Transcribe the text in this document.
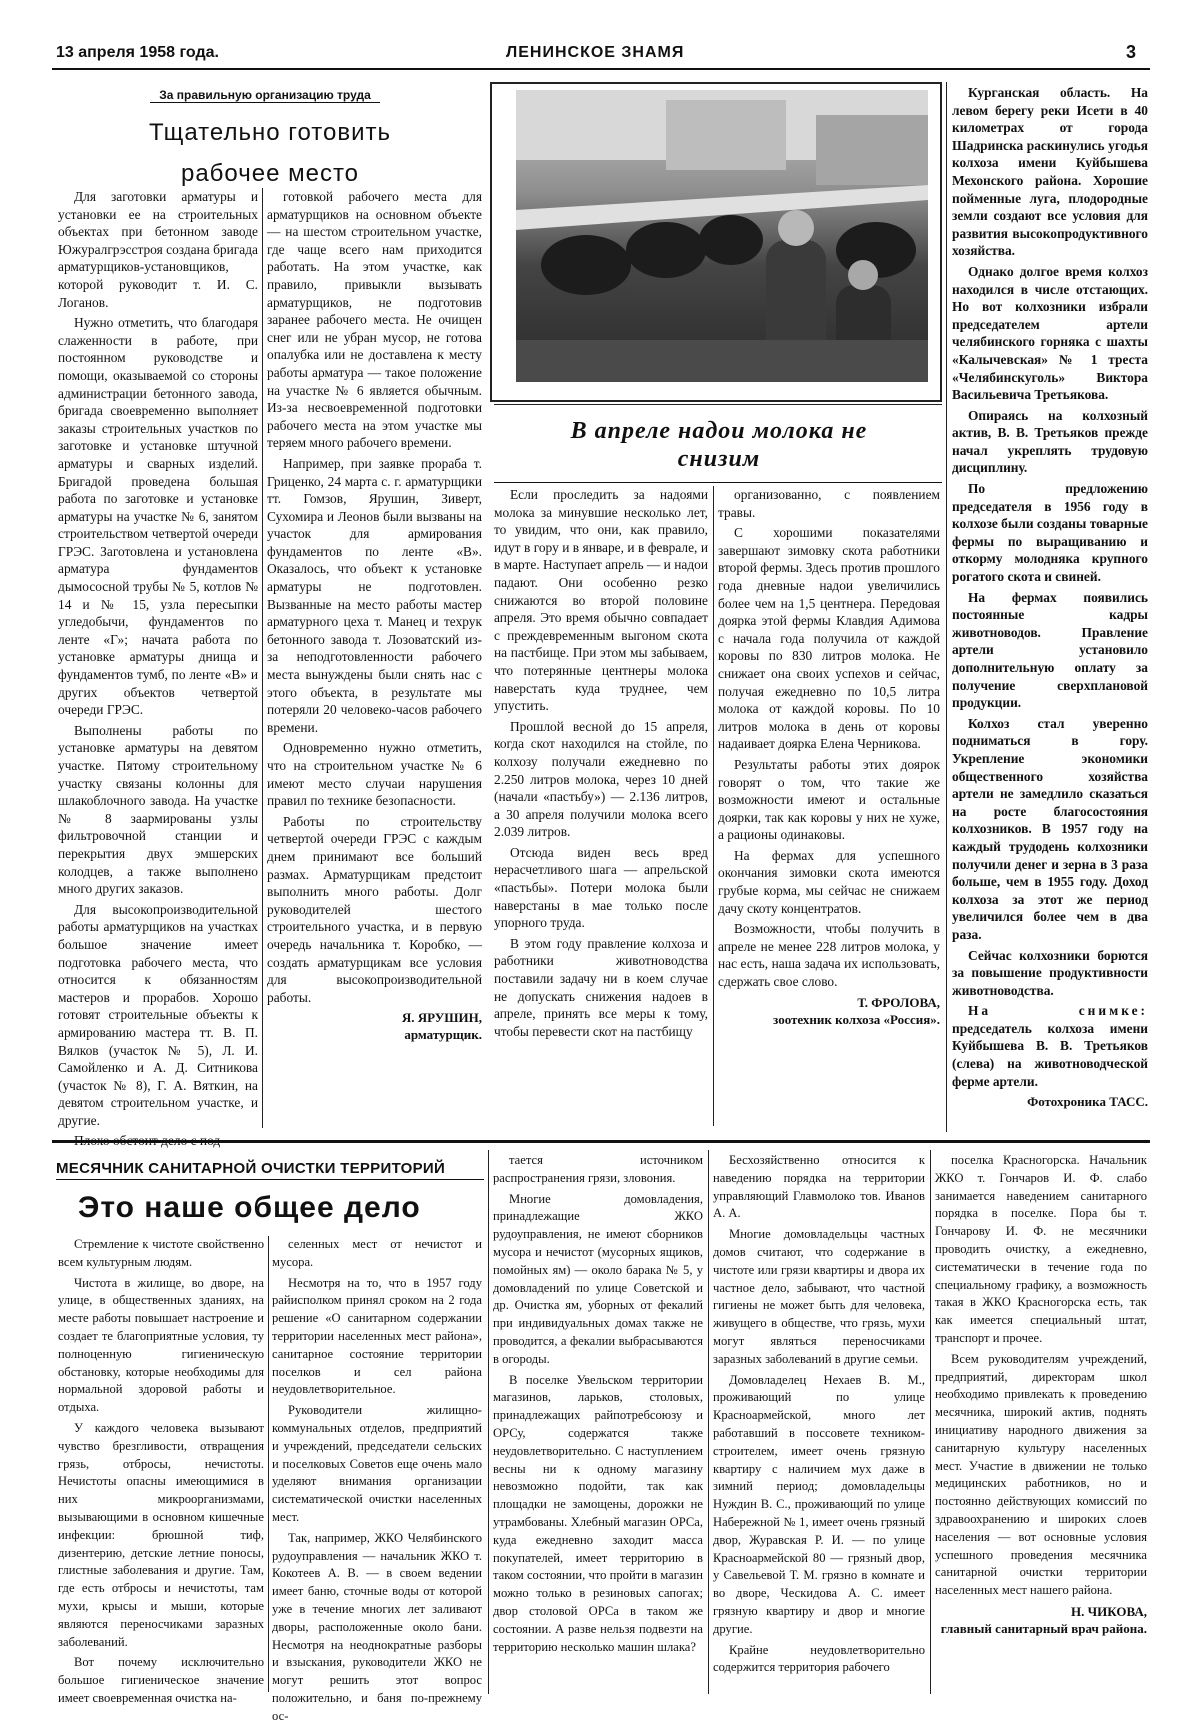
13 апреля 1958 года.	ЛЕНИНСКОЕ ЗНАМЯ	3
За правильную организацию труда
Тщательно готовить рабочее место

Для заготовки арматуры и установки ее на строительных объектах при бетонном заводе Южуралгрэсстроя создана бригада арматурщиков-установщиков, которой руководит т. И. С. Логанов.

Нужно отметить, что благодаря слаженности в работе, при постоянном руководстве и помощи, оказываемой со стороны администрации бетонного завода, бригада своевременно выполняет заказы строительных участков по заготовке и установке штучной арматуры и сварных изделий. Бригадой проведена большая работа по заготовке и установке арматуры на участке № 6, занятом строительством четвертой очереди ГРЭС. Заготовлена и установлена арматура фундаментов дымососной трубы № 5, котлов № 14 и № 15, узла пересыпки угледобычи, фундаментов по ленте «Г»; начата работа по установке арматуры днища и фундаментов тумб, по ленте «В» и других объектов четвертой очереди ГРЭС.

Выполнены работы по установке арматуры на девятом участке. Пятому строительному участку связаны колонны для шлакоблочного завода. На участке № 8 заармированы узлы фильтровочной станции и перекрытия двух эмшерских колодцев, а также выполнено много других заказов.

Для высокопроизводительной работы арматурщиков на участках большое значение имеет подготовка рабочего места, что относится к обязанностям мастеров и прорабов. Хорошо готовят строительные объекты к армированию мастера тт. В. П. Вялков (участок № 5), Л. И. Самойленко и А. Д. Ситникова (участок № 8), Г. А. Вяткин, на девятом строительном участке, и другие.

готовкой рабочего места для арматурщиков на основном объекте — на шестом строительном участке, где чаще всего нам приходится работать. На этом участке, как правило, привыкли вызывать арматурщиков, не подготовив заранее рабочего места. Не очищен снег или не убран мусор, не готова опалубка или не доставлена к месту работы арматура — такое положение на участке № 6 является обычным. Из-за несвоевременной подготовки рабочего места на этом участке мы теряем много рабочего времени.

Например, при заявке прораба т. Гриценко, 24 марта с. г. арматурщики тт. Гомзов, Ярушин, Зиверт, Сухомира и Леонов были вызваны на участок для армирования фундаментов по ленте «В». Оказалось, что объект к установке арматуры не подготовлен. Вызванные на место работы мастер арматурного цеха т. Манец и техрук бетонного завода т. Лозоватский из-за неподготовленности рабочего места вынуждены были снять нас с этого объекта, в результате мы потеряли 20 человеко-часов рабочего времени.

Одновременно нужно отметить, что на строительном участке № 6 имеют место случаи нарушения правил по технике безопасности.

Работы по строительству четвертой очереди ГРЭС с каждым днем принимают все больший размах. Арматурщикам предстоит выполнить много работы. Долг руководителей шестого строительного участка, и в первую очередь начальника т. Коробко, — создать арматурщикам все условия для высокопроизводительной работы.

Я. ЯРУШИН,

арматурщик.

Курганская область. На левом берегу реки Исети в 40 километрах от города Шадринска раскинулись угодья колхоза имени Куйбышева Мехонского района. Хорошие пойменные луга, плодородные земли создают все условия для развития высокопродуктивного хозяйства.

Однако долгое время колхоз находился в числе отстающих. Но вот колхозники избрали председателем артели челябинского горняка с шахты «Калычевская» № 1 треста «Челябинскуголь» Виктора Васильевича Третьякова.

Опираясь на колхозный актив, В. В. Третьяков прежде начал укреплять трудовую дисциплину.

По предложению председателя в 1956 году в колхозе были созданы товарные фермы по выращиванию и откорму молодняка крупного рогатого скота и свиней.

На фермах появились постоянные кадры животноводов. Правление артели установило дополнительную оплату за получение сверхплановой продукции.

Колхоз стал уверенно подниматься в гору. Укрепление экономики общественного хозяйства артели не замедлило сказаться на росте благосостояния колхозников. В 1957 году на каждый трудодень колхозники получили денег и зерна в 3 раза больше, чем в 1955 году. Доход колхоза за этот же период увеличился более чем в два раза.

Сейчас колхозники борются за повышение продуктивности животноводства.

На снимке: председатель колхоза имени Куйбышева В. В. Третьяков (слева) на животноводческой ферме артели.

Фотохроника ТАСС.

В апреле надои молока не снизим

Если проследить за надоями молока за минувшие несколько лет, то увидим, что они, как правило, идут в гору и в январе, и в феврале, и в марте. Наступает апрель — и надои падают. Они особенно резко снижаются во второй половине апреля. Это время обычно совпадает с преждевременным выгоном скота на пастбище. При этом мы забываем, что потерянные центнеры молока наверстать куда труднее, чем упустить.

Прошлой весной до 15 апреля, когда скот находился на стойле, по колхозу получали ежедневно по 2.250 литров молока, через 10 дней (начали «пастьбу») — 2.136 литров, а 30 апреля получили молока всего 2.039 литров.

Отсюда виден весь вред нерасчетливого шага — апрельской «пастьбы». Потери молока были наверстаны в мае только после упорного труда.

В этом году правление колхоза и работники животноводства поставили задачу ни в коем случае не допускать снижения надоев в апреле, принять все меры к тому, чтобы перевести скот на пастбищу

организованно, с появлением травы.

С хорошими показателями завершают зимовку скота работники второй фермы. Здесь против прошлого года дневные надои увеличились более чем на 1,5 центнера. Передовая доярка этой фермы Клавдия Адимова с начала года получила от каждой коровы по 830 литров молока. Не снижает она своих успехов и сейчас, получая ежедневно по 10,5 литра молока от каждой коровы. По 10 литров молока в день от коровы надаивает доярка Елена Черникова.

Результаты работы этих доярок говорят о том, что такие же возможности имеют и остальные доярки, так как коровы у них не хуже, а рационы одинаковы.

На фермах для успешного окончания зимовки скота имеются грубые корма, мы сейчас не снижаем дачу скоту концентратов.

Возможности, чтобы получить в апреле не менее 228 литров молока, у нас есть, наша задача их использовать, сдержать свое слово.

Т. ФРОЛОВА,

зоотехник колхоза «Россия».

МЕСЯЧНИК САНИТАРНОЙ ОЧИСТКИ ТЕРРИТОРИЙ
Это наше общее дело

Стремление к чистоте свойственно всем культурным людям.

Чистота в жилище, во дворе, на улице, в общественных зданиях, на месте работы повышает настроение и создает те благоприятные условия, ту полноценную гигиеническую обстановку, которые необходимы для нормальной здоровой работы и отдыха.

У каждого человека вызывают чувство брезгливости, отвращения грязь, отбросы, нечистоты. Нечистоты опасны имеющимися в них микроорганизмами, вызывающими в основном кишечные инфекции: брюшной тиф, дизентерию, детские летние поносы, глистные заболевания и другие. Там, где есть отбросы и нечистоты, там мухи, крысы и мыши, которые являются переносчиками заразных заболеваний.

Вот почему исключительно большое гигиеническое значение имеет своевременная очистка на-

селенных мест от нечистот и мусора.

Несмотря на то, что в 1957 году райисполком принял сроком на 2 года решение «О санитарном содержании территории населенных мест района», санитарное состояние территории поселков и сел района неудовлетворительное.

Руководители жилищно-коммунальных отделов, предприятий и учреждений, председатели сельских и поселковых Советов еще очень мало уделяют внимания организации систематической очистки населенных мест.

Так, например, ЖКО Челябинского рудоуправления — начальник ЖКО т. Кокотеев А. В. — в своем ведении имеет баню, сточные воды от которой уже в течение многих лет заливают дворы, расположенные около бани. Несмотря на неоднократные разборы и взыскания, руководители ЖКО не могут решить этот вопрос положительно, и баня по-прежнему ос-

тается источником распространения грязи, зловония.

Многие домовладения, принадлежащие ЖКО рудоуправления, не имеют сборников мусора и нечистот (мусорных ящиков, помойных ям) — около барака № 5, у домовладений по улице Советской и др. Очистка ям, уборных от фекалий при индивидуальных домах также не проводится, а фекалии выбрасываются в огороды.

В поселке Увельском территории магазинов, ларьков, столовых, принадлежащих райпотребсоюзу и ОРСу, содержатся также неудовлетворительно. С наступлением весны ни к одному магазину невозможно подойти, так как площадки не замощены, дорожки не утрамбованы. Хлебный магазин ОРСа, куда ежедневно заходит масса покупателей, имеет территорию в таком состоянии, что пройти в магазин можно только в резиновых сапогах; двор столовой ОРСа в таком же состоянии. А разве нельзя подвезти на территорию несколько машин шлака?

Бесхозяйственно относится к наведению порядка на территории управляющий Главмолоко тов. Иванов А. А.

Многие домовладельцы частных домов считают, что содержание в чистоте или грязи квартиры и двора их частное дело, забывают, что частной гигиены не может быть для человека, живущего в обществе, что грязь, мухи могут являться переносчиками заразных заболеваний в другие семьи.

Домовладелец Нехаев В. М., проживающий по улице Красноармейской, много лет работавший в поссовете техником-строителем, имеет очень грязную квартиру с наличием мух даже в зимний период; домовладельцы Нуждин В. С., проживающий по улице Набережной № 1, имеет очень грязный двор, Журавская Р. И. — по улице Красноармейской 80 — грязный двор, у Савельевой Т. М. грязно в комнате и во дворе, Ческидова А. С. имеет грязную квартиру и двор и многие другие.

Крайне неудовлетворительно содержится территория рабочего

поселка Красногорска. Начальник ЖКО т. Гончаров И. Ф. слабо занимается наведением санитарного порядка в поселке. Пора бы т. Гончарову И. Ф. не месячники проводить очистку, а ежедневно, систематически в течение года по специальному графику, а возможность такая в ЖКО Красногорска есть, так как имеется специальный штат, транспорт и прочее.

Всем руководителям учреждений, предприятий, директорам школ необходимо привлекать к проведению месячника, широкий актив, поднять инициативу народного движения за санитарную культуру населенных мест. Участие в движении не только медицинских работников, но и постоянно действующих комиссий по здравоохранению и широких слоев населения — вот основные условия успешного проведения месячника санитарной очистки территории населенных мест нашего района.

Н. ЧИКОВА,

главный санитарный врач района.
